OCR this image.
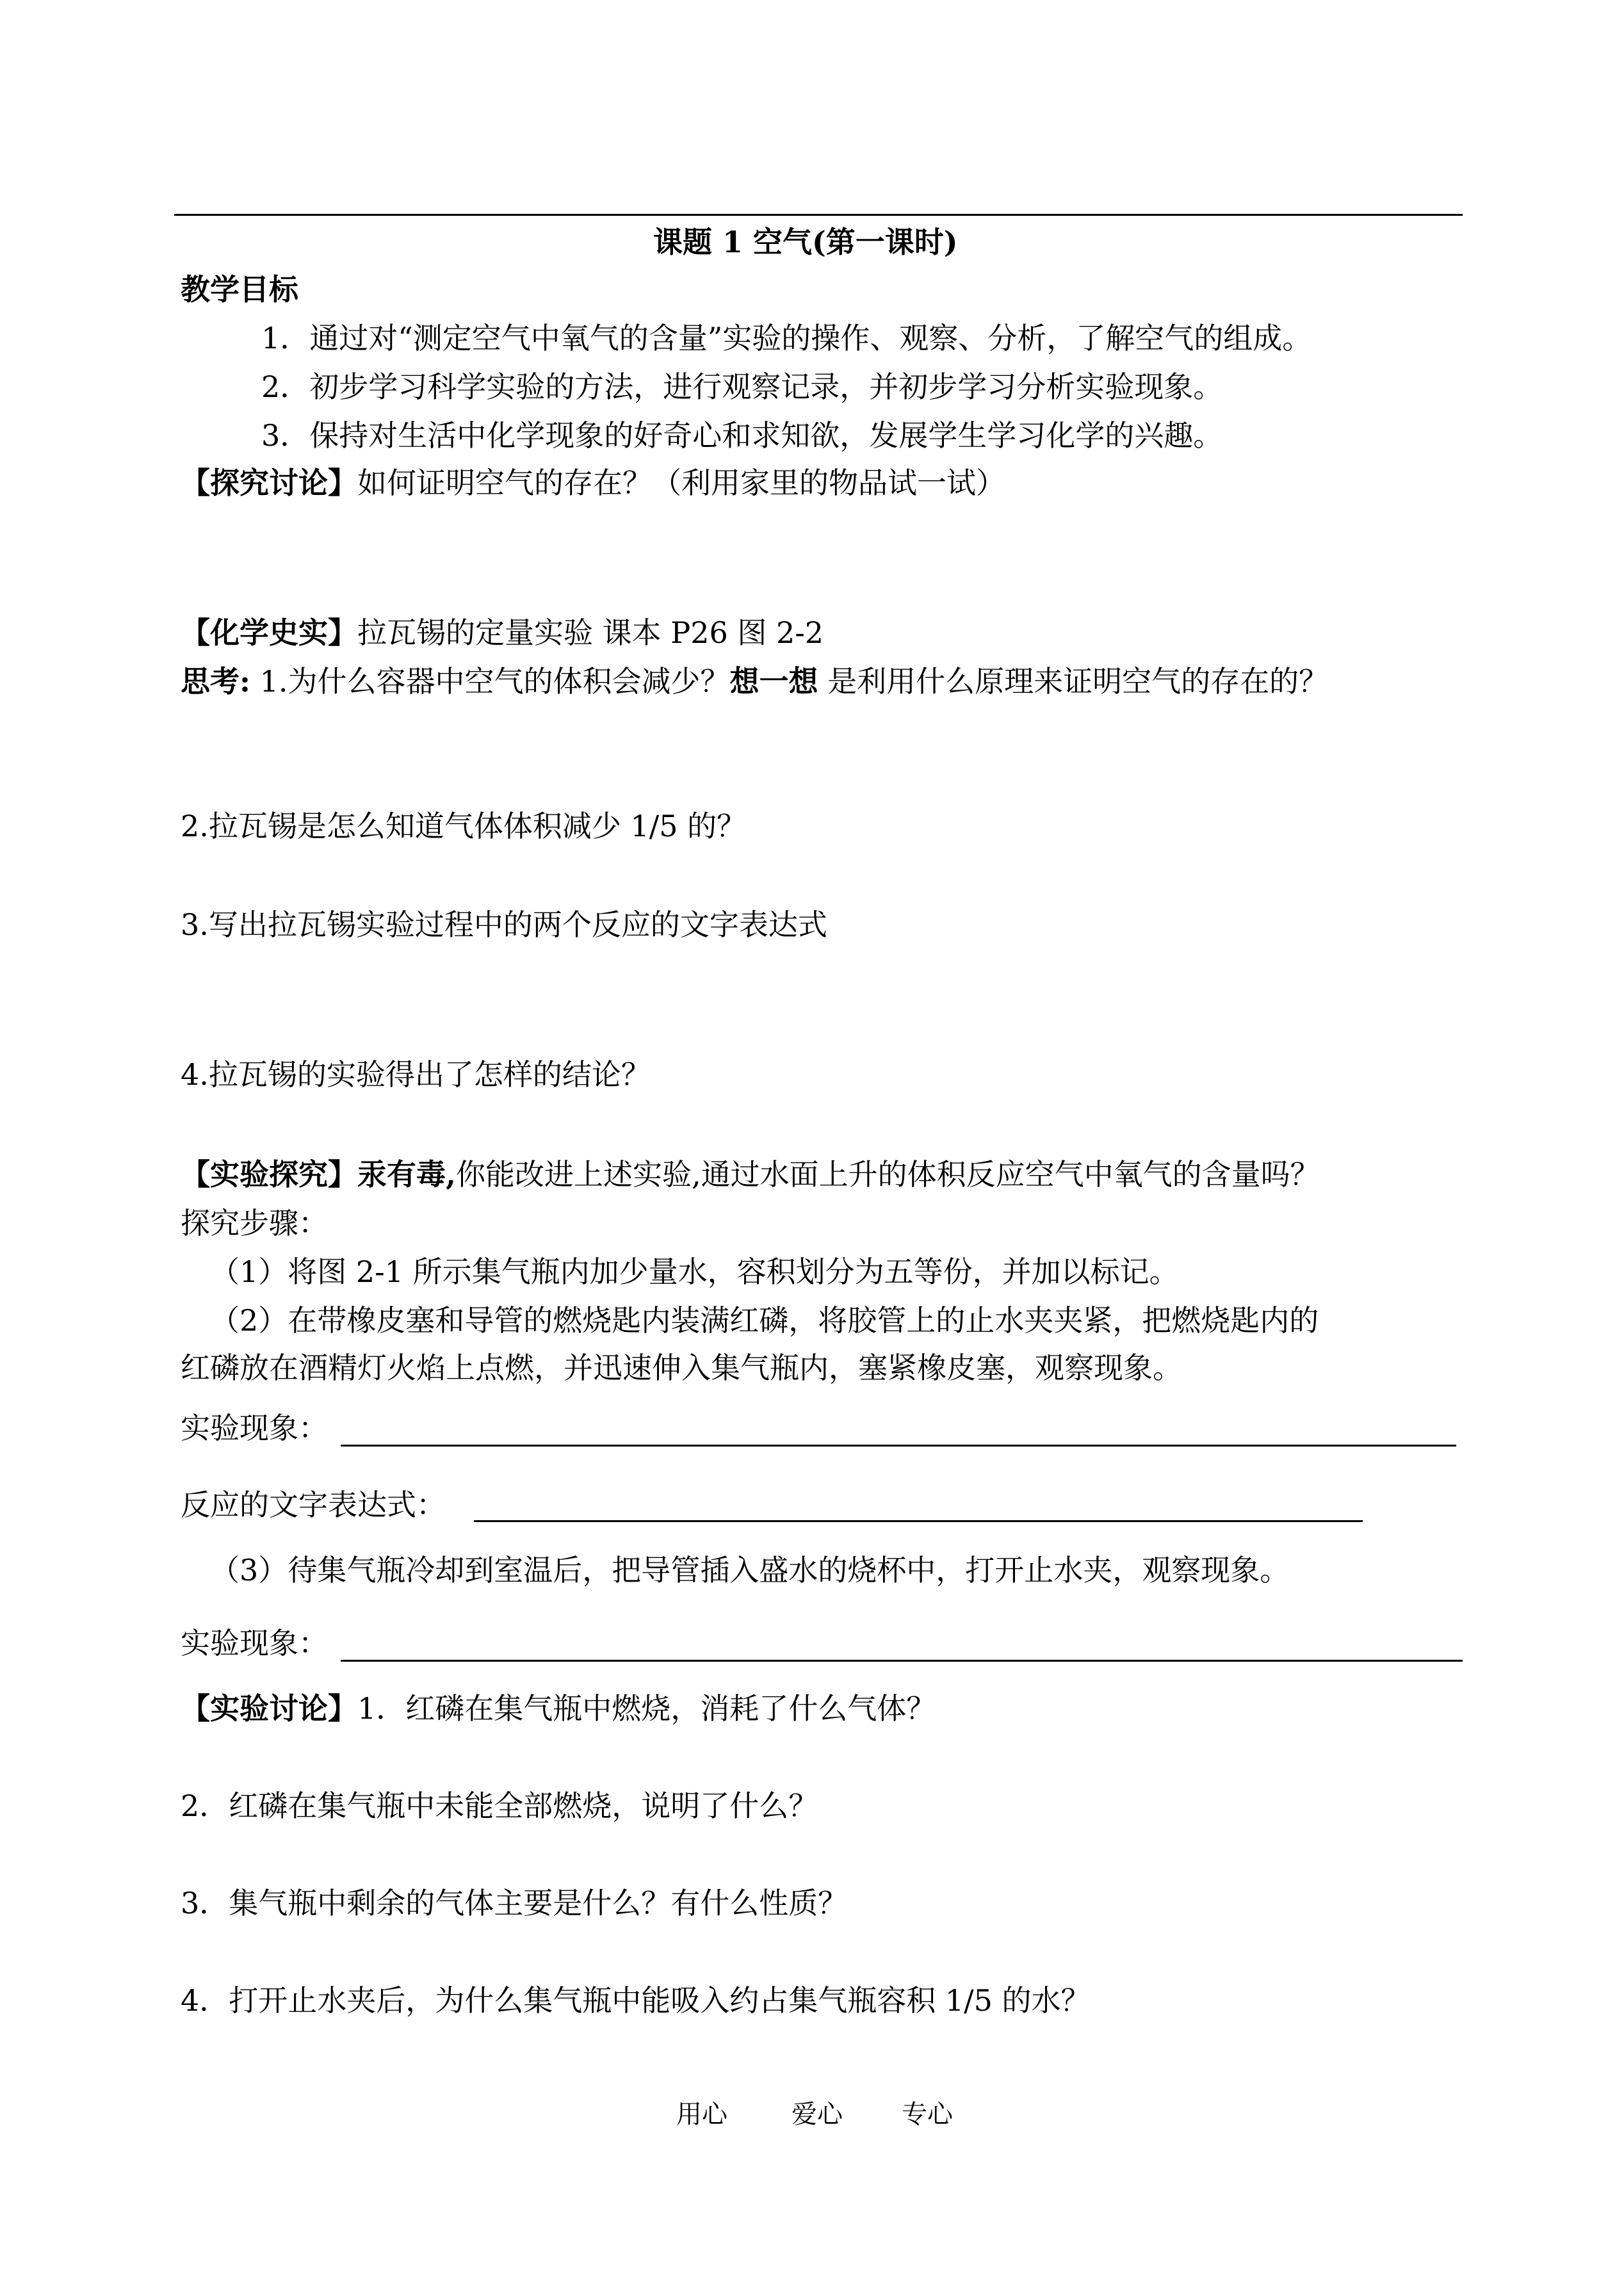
课题 1 空气(第一课时)
教学目标
1．通过对“测定空气中氧气的含量”实验的操作、观察、分析，了解空气的组成。
2．初步学习科学实验的方法，进行观察记录，并初步学习分析实验现象。
3．保持对生活中化学现象的好奇心和求知欲，发展学生学习化学的兴趣。
【探究讨论】如何证明空气的存在？（利用家里的物品试一试）
【化学史实】拉瓦锡的定量实验 课本 P26 图 2-2
思考: 1.为什么容器中空气的体积会减少？想一想 是利用什么原理来证明空气的存在的？
2.拉瓦锡是怎么知道气体体积减少 1/5 的？
3.写出拉瓦锡实验过程中的两个反应的文字表达式
4.拉瓦锡的实验得出了怎样的结论？
【实验探究】汞有毒,你能改进上述实验,通过水面上升的体积反应空气中氧气的含量吗？
探究步骤：
（1）将图 2-1 所示集气瓶内加少量水，容积划分为五等份，并加以标记。
（2）在带橡皮塞和导管的燃烧匙内装满红磷，将胶管上的止水夹夹紧，把燃烧匙内的
红磷放在酒精灯火焰上点燃，并迅速伸入集气瓶内，塞紧橡皮塞，观察现象。
实验现象：
反应的文字表达式：
（3）待集气瓶冷却到室温后，把导管插入盛水的烧杯中，打开止水夹，观察现象。
实验现象：
【实验讨论】1．红磷在集气瓶中燃烧，消耗了什么气体？
2．红磷在集气瓶中未能全部燃烧，说明了什么？
3．集气瓶中剩余的气体主要是什么？有什么性质？
4．打开止水夹后，为什么集气瓶中能吸入约占集气瓶容积 1/5 的水？
用心	爱心 专心
